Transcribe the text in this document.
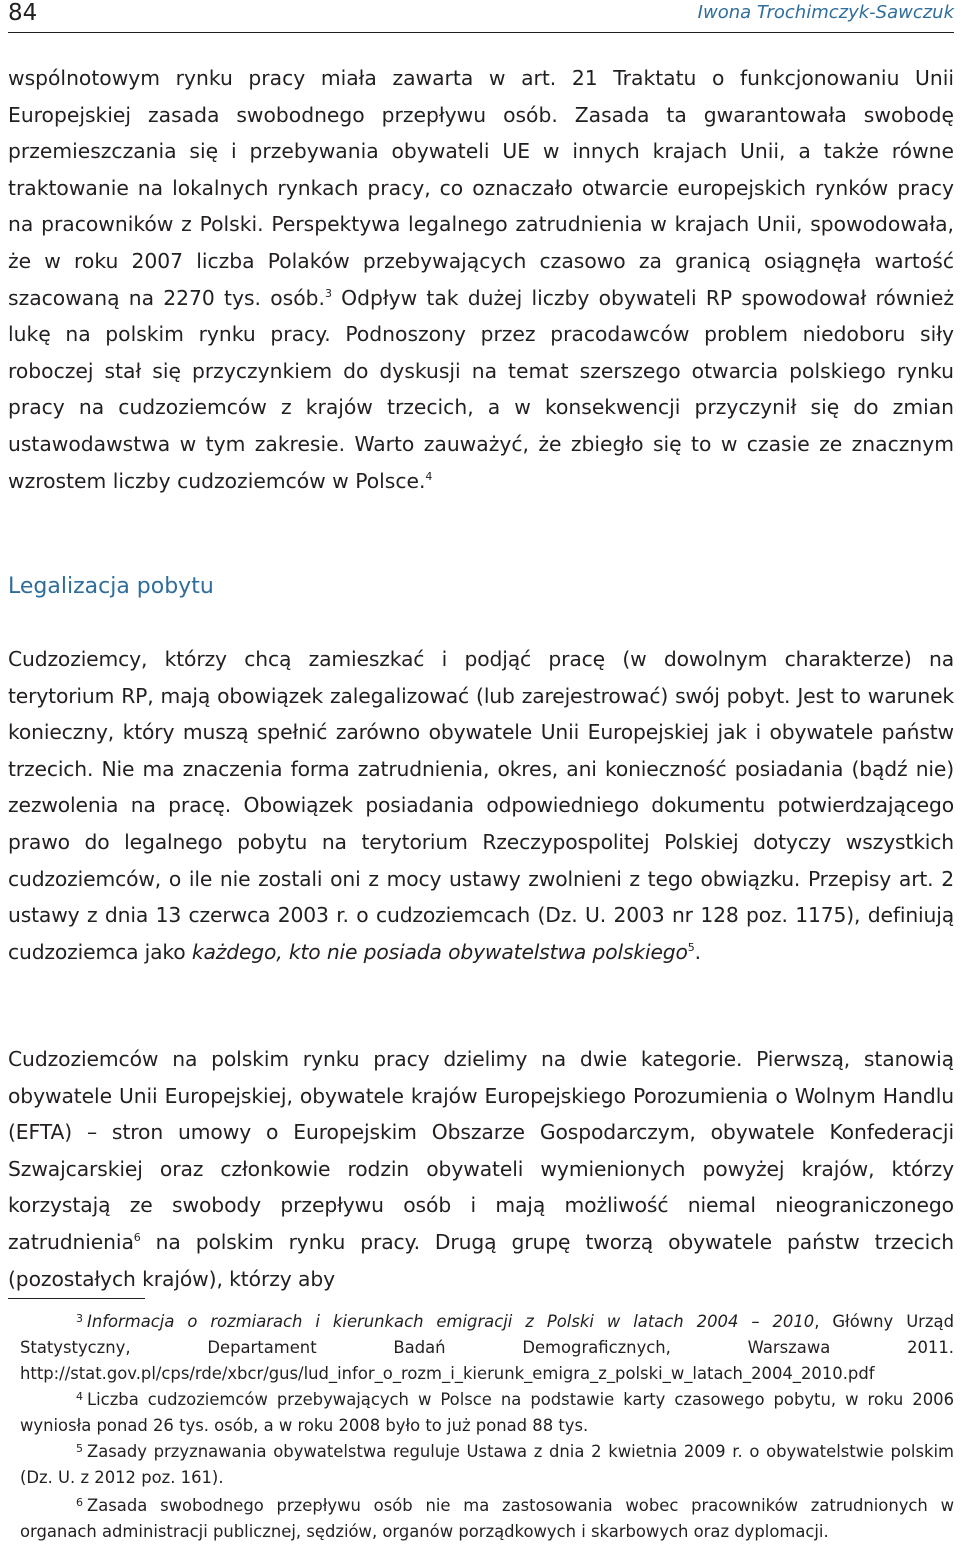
84	Iwona Trochimczyk-Sawczuk

wspólnotowym rynku pracy miała zawarta w art. 21 Traktatu o funkcjonowaniu Unii Europejskiej zasada swobodnego przepływu osób. Zasada ta gwarantowała swobodę przemieszczania się i przebywania obywateli UE w innych krajach Unii, a także równe traktowanie na lokalnych rynkach pracy, co oznaczało otwarcie europejskich rynków pracy na pracowników z Polski. Perspektywa legalnego zatrudnienia w krajach Unii, spowodowała, że w roku 2007 liczba Polaków przebywających czasowo za granicą osiągnęła wartość szacowaną na 2270 tys. osób.$^3$ Odpływ tak dużej liczby obywateli RP spowodował również lukę na polskim rynku pracy. Podnoszony przez pracodawców problem niedoboru siły roboczej stał się przyczynkiem do dyskusji na temat szerszego otwarcia polskiego rynku pracy na cudzoziemców z krajów trzecich, a w konsekwencji przyczynił się do zmian ustawodawstwa w tym zakresie. Warto zauważyć, że zbiegło się to w czasie ze znacznym wzrostem liczby cudzoziemców w Polsce.$^4$

Legalizacja pobytu

Cudzoziemcy, którzy chcą zamieszkać i podjąć pracę (w dowolnym charakterze) na terytorium RP, mają obowiązek zalegalizować (lub zarejestrować) swój pobyt. Jest to warunek konieczny, który muszą spełnić zarówno obywatele Unii Europejskiej jak i obywatele państw trzecich. Nie ma znaczenia forma zatrudnienia, okres, ani konieczność posiadania (bądź nie) zezwolenia na pracę. Obowiązek posiadania odpowiedniego dokumentu potwierdzającego prawo do legalnego pobytu na terytorium Rzeczypospolitej Polskiej dotyczy wszystkich cudzoziemców, o ile nie zostali oni z mocy ustawy zwolnieni z tego obwiązku. Przepisy art. 2 ustawy z dnia 13 czerwca 2003 r. o cudzoziemcach (Dz. U. 2003 nr 128 poz. 1175), definiują cudzoziemca jako każdego, kto nie posiada obywatelstwa polskiego$^5$.

Cudzoziemców na polskim rynku pracy dzielimy na dwie kategorie. Pierwszą, stanowią obywatele Unii Europejskiej, obywatele krajów Europejskiego Porozumienia o Wolnym Handlu (EFTA) – stron umowy o Europejskim Obszarze Gospodarczym, obywatele Konfederacji Szwajcarskiej oraz członkowie rodzin obywateli wymienionych powyżej krajów, którzy korzystają ze swobody przepływu osób i mają możliwość niemal nieograniczonego zatrudnienia$^6$ na polskim rynku pracy. Drugą grupę tworzą obywatele państw trzecich (pozostałych krajów), którzy aby

3 Informacja o rozmiarach i kierunkach emigracji z Polski w latach 2004 – 2010, Główny Urząd Statystyczny, Departament Badań Demograficznych, Warszawa 2011. http://stat.gov.pl/cps/rde/xbcr/gus/lud_infor_o_rozm_i_kierunk_emigra_z_polski_w_latach_2004_2010.pdf

4 Liczba cudzoziemców przebywających w Polsce na podstawie karty czasowego pobytu, w roku 2006 wyniosła ponad 26 tys. osób, a w roku 2008 było to już ponad 88 tys.

5 Zasady przyznawania obywatelstwa reguluje Ustawa z dnia 2 kwietnia 2009 r. o obywatelstwie polskim (Dz. U. z 2012 poz. 161).

6 Zasada swobodnego przepływu osób nie ma zastosowania wobec pracowników zatrudnionych w organach administracji publicznej, sędziów, organów porządkowych i skarbowych oraz dyplomacji.
